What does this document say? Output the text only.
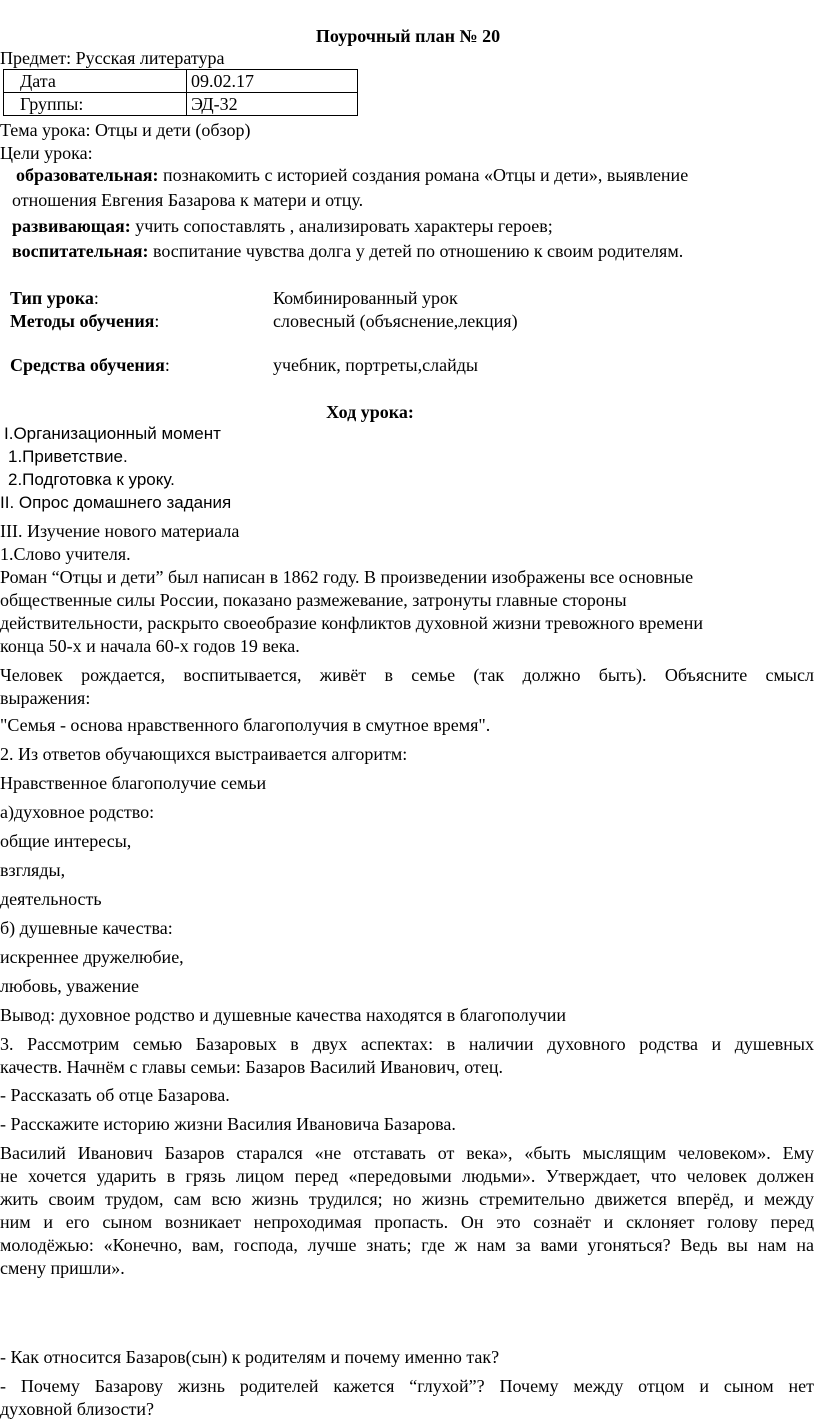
Поурочный план № 20
Предмет: Русская литература
Дата	09.02.17
Группы:	ЭД-32
Тема урока: Отцы и дети (обзор)
Цели урока:
образовательная: познакомить с историей создания романа «Отцы и дети», выявление
отношения Евгения Базарова к матери и отцу.
развивающая: учить сопоставлять , анализировать характеры героев;
воспитательная: воспитание чувства долга у детей по отношению к своим родителям.
Тип урока:	Комбинированный урок
Методы обучения:	словесный (объяснение,лекция)
Средства обучения:	учебник, портреты,слайды
Ход урока:
I.Организационный момент
1.Приветствие.
2.Подготовка к уроку.
II. Опрос домашнего задания
III. Изучение нового материала
1.Слово учителя.
Роман “Отцы и дети” был написан в 1862 году. В произведении изображены все основные
общественные силы России, показано размежевание, затронуты главные стороны
действительности, раскрыто своеобразие конфликтов духовной жизни тревожного времени
конца 50-х и начала 60-х годов 19 века.
Человек рождается, воспитывается, живёт в семье (так должно быть). Объясните смысл
выражения:
"Семья - основа нравственного благополучия в смутное время".
2. Из ответов обучающихся выстраивается алгоритм:
Нравственное благополучие семьи
а)духовное родство:
общие интересы,
взгляды,
деятельность
б) душевные качества:
искреннее дружелюбие,
любовь, уважение
Вывод: духовное родство и душевные качества находятся в благополучии
3. Рассмотрим семью Базаровых в двух аспектах: в наличии духовного родства и душевных
качеств. Начнём с главы семьи: Базаров Василий Иванович, отец.
- Рассказать об отце Базарова.
- Расскажите историю жизни Василия Ивановича Базарова.
Василий Иванович Базаров старался «не отставать от века», «быть мыслящим человеком». Ему
не хочется ударить в грязь лицом перед «передовыми людьми». Утверждает, что человек должен
жить своим трудом, сам всю жизнь трудился; но жизнь стремительно движется вперёд, и между
ним и его сыном возникает непроходимая пропасть. Он это сознаёт и склоняет голову перед
молодёжью: «Конечно, вам, господа, лучше знать; где ж нам за вами угоняться? Ведь вы нам на
смену пришли».
- Как относится Базаров(сын) к родителям и почему именно так?
- Почему Базарову жизнь родителей кажется “глухой”? Почему между отцом и сыном нет
духовной близости?
